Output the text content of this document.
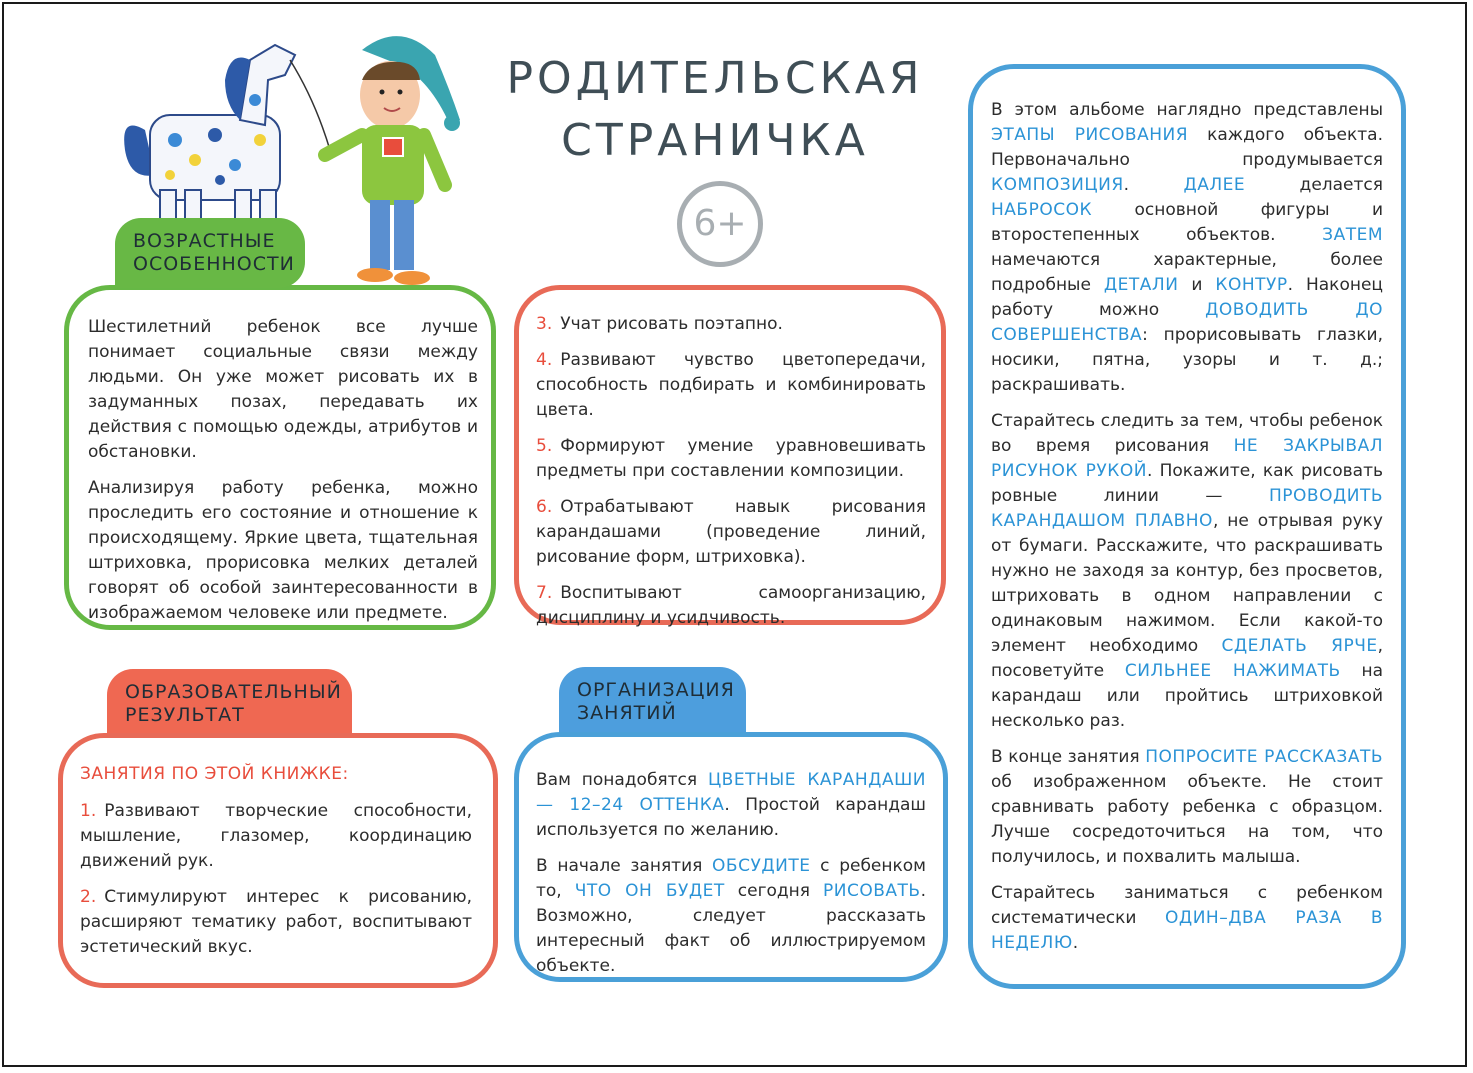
РОДИТЕЛЬСКАЯ
СТРАНИЧКА
6+
ВОЗРАСТНЫЕ
ОСОБЕННОСТИ

Шестилетний ребенок все лучше понимает социальные связи между людьми. Он уже может рисовать их в задуманных позах, передавать их действия с помощью одежды, атрибутов и обстановки.

Анализируя работу ребенка, можно проследить его состояние и отношение к происходящему. Яркие цвета, тщательная штриховка, прорисовка мелких деталей говорят об особой заинтересованности в изображаемом человеке или предмете.

3. Учат рисовать поэтапно.

4. Развивают чувство цветопередачи, способность подбирать и комбинировать цвета.

5. Формируют умение уравновешивать предметы при составлении композиции.

6. Отрабатывают навык рисования карандашами (проведение линий, рисование форм, штриховка).

7. Воспитывают самоорганизацию, дисциплину и усидчивость.

ОБРАЗОВАТЕЛЬНЫЙ
РЕЗУЛЬТАТ

ЗАНЯТИЯ ПО ЭТОЙ КНИЖКЕ:

1. Развивают творческие способности, мышление, глазомер, координацию движений рук.

2. Стимулируют интерес к рисованию, расширяют тематику работ, воспитывают эстетический вкус.

ОРГАНИЗАЦИЯ
ЗАНЯТИЙ

Вам понадобятся ЦВЕТНЫЕ КАРАНДАШИ — 12–24 ОТТЕНКА. Простой карандаш используется по желанию.

В начале занятия ОБСУДИТЕ с ребенком то, ЧТО ОН БУДЕТ сегодня РИСОВАТЬ. Возможно, следует рассказать интересный факт об иллюстрируемом объекте.

В этом альбоме наглядно представлены ЭТАПЫ РИСОВАНИЯ каждого объекта. Первоначально продумывается КОМПОЗИЦИЯ. ДАЛЕЕ делается НАБРОСОК основной фигуры и второстепенных объектов. ЗАТЕМ намечаются характерные, более подробные ДЕТАЛИ и КОНТУР. Наконец работу можно ДОВОДИТЬ ДО СОВЕРШЕНСТВА: прорисовывать глазки, носики, пятна, узоры и т. д.; раскрашивать.

Старайтесь следить за тем, чтобы ребенок во время рисования НЕ ЗАКРЫВАЛ РИСУНОК РУКОЙ. Покажите, как рисовать ровные линии — ПРОВОДИТЬ КАРАНДАШОМ ПЛАВНО, не отрывая руку от бумаги. Расскажите, что раскрашивать нужно не заходя за контур, без просветов, штриховать в одном направлении с одинаковым нажимом. Если какой-то элемент необходимо СДЕЛАТЬ ЯРЧЕ, посоветуйте СИЛЬНЕЕ НАЖИМАТЬ на карандаш или пройтись штриховкой несколько раз.

В конце занятия ПОПРОСИТЕ РАССКАЗАТЬ об изображенном объекте. Не стоит сравнивать работу ребенка с образцом. Лучше сосредоточиться на том, что получилось, и похвалить малыша.

Старайтесь заниматься с ребенком систематически ОДИН–ДВА РАЗА В НЕДЕЛЮ.
